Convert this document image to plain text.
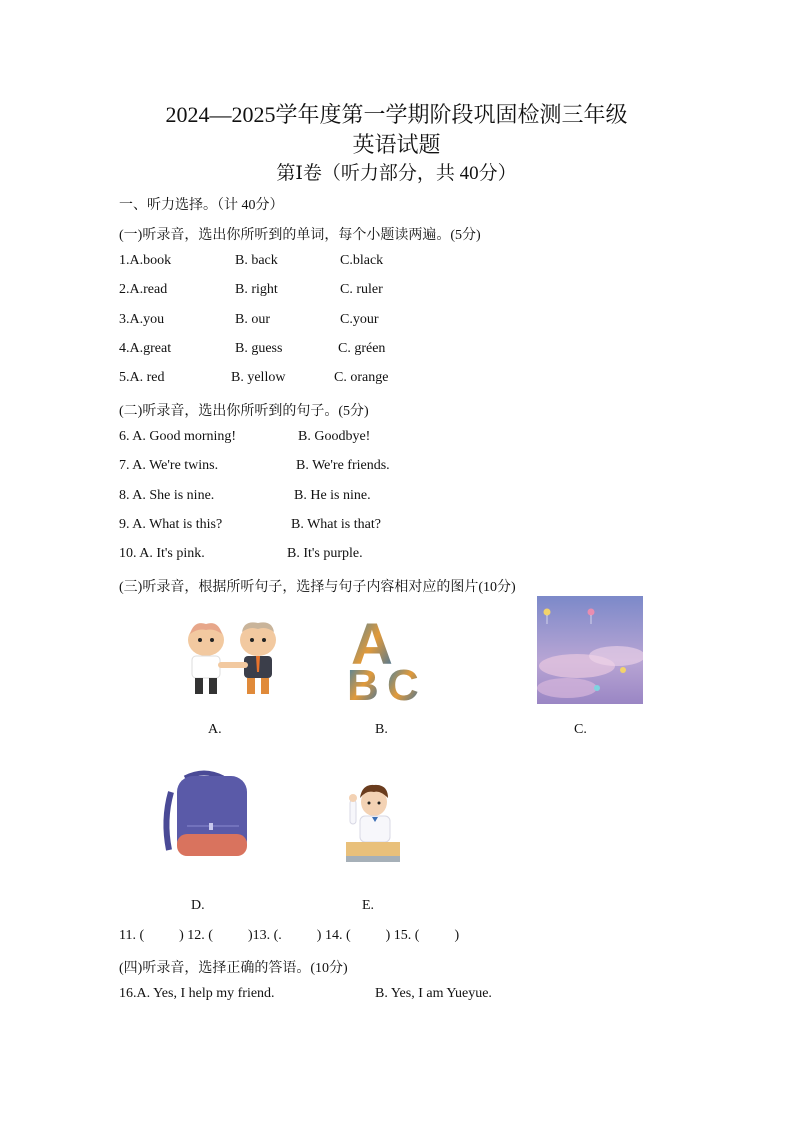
2024—2025学年度第一学期阶段巩固检测三年级
英语试题
第Ⅰ卷（听力部分，共 40分）
一、听力选择。（计 40分）
(一)听录音，选出你所听到的单词，每个小题读两遍。(5分)
1.A.book	B. back	C.black
2.A.read	B. right	C. ruler
3.A.you	B. our	C.your
4.A.great	B. guess	C. gréen
5.A. red	B. yellow	C. orange
(二)听录音，选出你所听到的句子。(5分)
6. A. Good morning!	B. Goodbye!
7. A. We're twins.	B. We're friends.
8. A. She is nine.	B. He is nine.
9. A. What is this?	B. What is that?
10. A. It's pink.	B. It's purple.
(三)听录音，根据所听句子，选择与句子内容相对应的图片(10分)
A
B C
A.	B.	C.
D.	E.
11. (          ) 12. (          )13. (.          ) 14. (          ) 15. (          )
(四)听录音，选择正确的答语。(10分)
16.A. Yes, I help my friend.	B. Yes, I am Yueyue.
